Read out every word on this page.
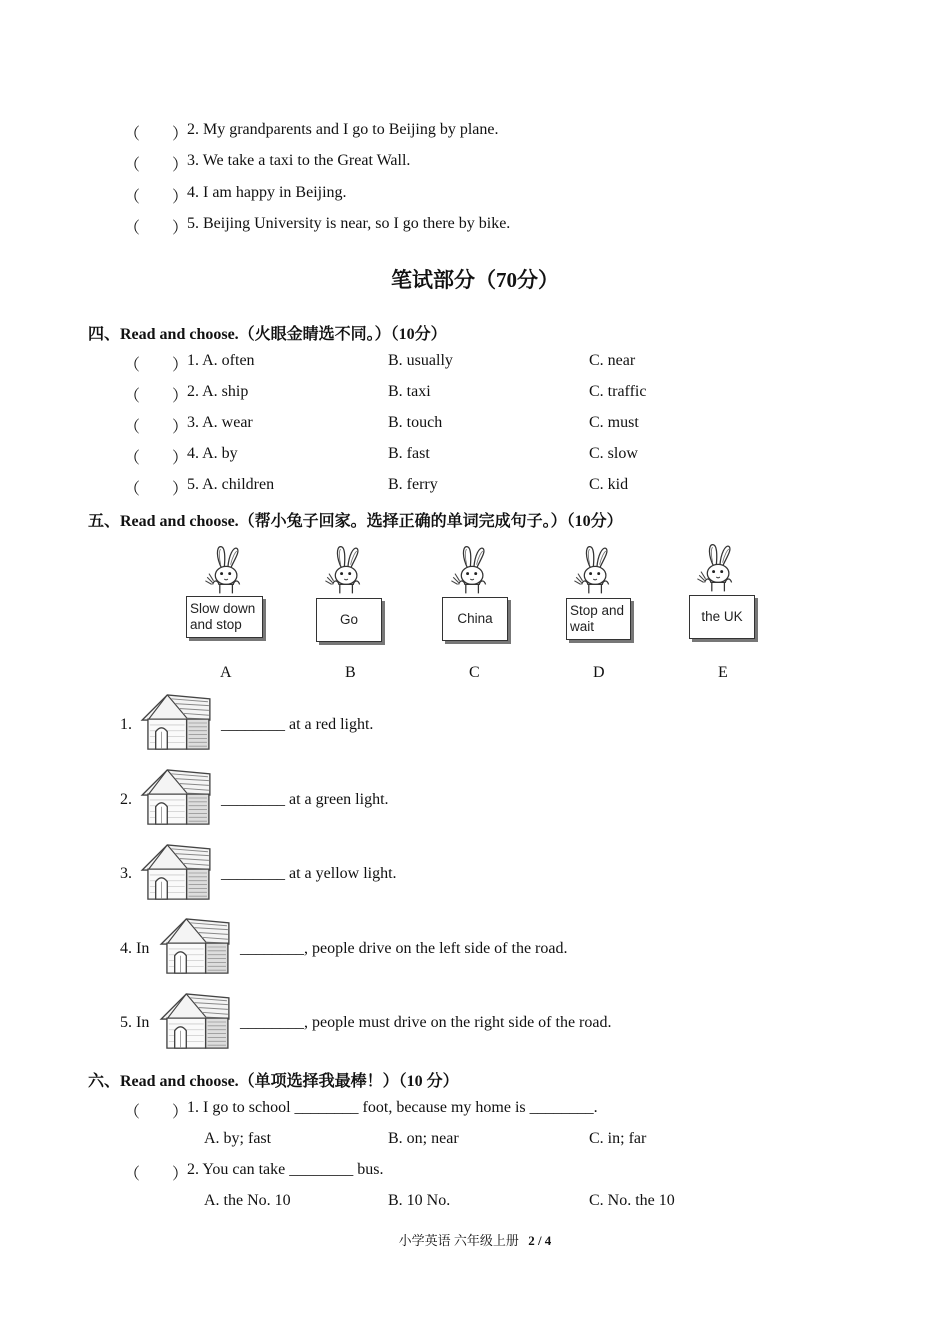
（　　）
2. My grandparents and I go to Beijing by plane.
（　　）
3. We take a taxi to the Great Wall.
（　　）
4. I am happy in Beijing.
（　　）
5. Beijing University is near, so I go there by bike.
笔试部分（70分）
四、Read and choose.（火眼金睛选不同。）（10分）
（　　）
1. A. often	B. usually	C. near
（　　）
2. A. ship	B. taxi	C. traffic
（　　）
3. A. wear	B. touch	C. must
（　　）
4. A. by	B. fast	C. slow
（　　）
5. A. children	B. ferry	C. kid
五、Read and choose.（帮小兔子回家。选择正确的单词完成句子。）（10分）
Slow down
and stop
A
Go
B
China
C
Stop and
wait
D
the UK
E
1.	________ at a red light.
2.	________ at a green light.
3.	________ at a yellow light.
4. In	________, people drive on the left side of the road.
5. In	________, people must drive on the right side of the road.
六、Read and choose.（单项选择我最棒！）（10 分）
（　　）
1. I go to school ________ foot, because my home is ________.
A. by; fast	B. on; near	C. in; far
（　　）
2. You can take ________ bus.
A. the No. 10	B. 10 No.	C. No. the 10
小学英语 六年级上册 2 / 4
